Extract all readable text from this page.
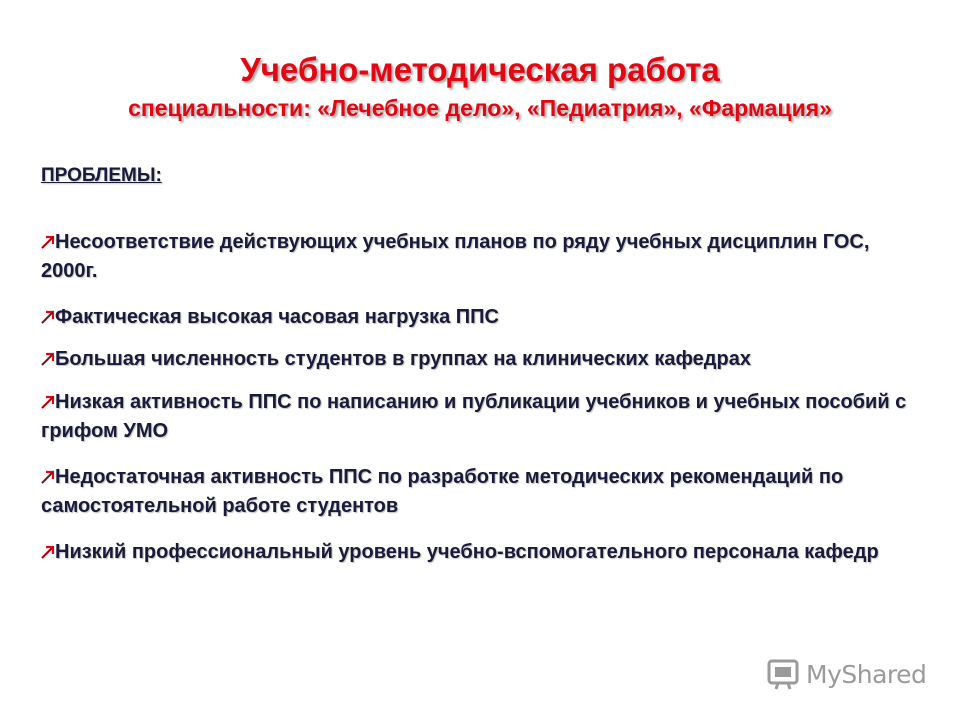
Учебно-методическая работа
специальности: «Лечебное дело», «Педиатрия», «Фармация»
ПРОБЛЕМЫ:
Несоответствие действующих учебных планов по ряду учебных дисциплин ГОС, 2000г.
Фактическая высокая часовая нагрузка ППС
Большая численность студентов в группах на клинических кафедрах
Низкая активность ППС по написанию и публикации учебников и учебных пособий с грифом УМО
Недостаточная активность ППС по разработке методических рекомендаций по самостоятельной работе студентов
Низкий профессиональный уровень учебно-вспомогательного персонала кафедр
MyShared
